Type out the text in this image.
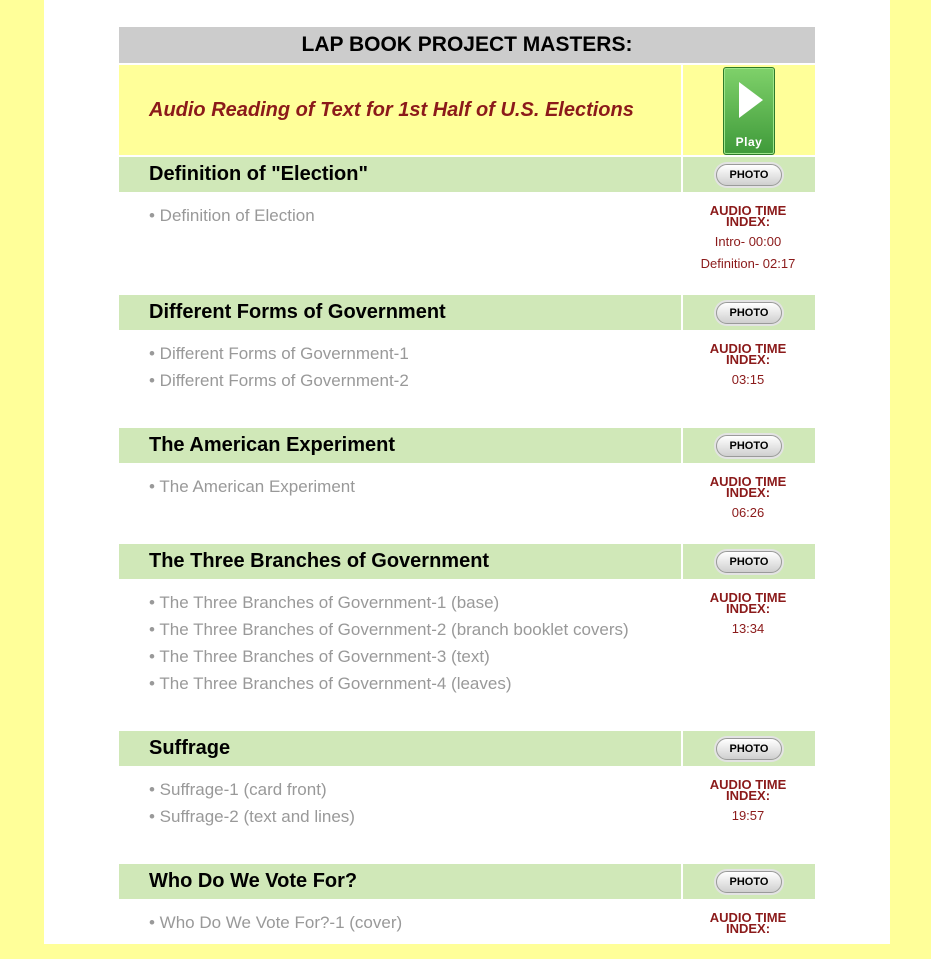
LAP BOOK PROJECT MASTERS:
Audio Reading of Text for 1st Half of U.S. Elections
Play
Definition of "Election"	PHOTO
• Definition of Election	AUDIO TIME INDEX:
Intro- 00:00
Definition- 02:17
Different Forms of Government	PHOTO
• Different Forms of Government-1
• Different Forms of Government-2
AUDIO TIME INDEX:
03:15
The American Experiment	PHOTO
• The American Experiment	AUDIO TIME INDEX:
06:26
The Three Branches of Government	PHOTO
• The Three Branches of Government-1 (base)
• The Three Branches of Government-2 (branch booklet covers)
• The Three Branches of Government-3 (text)
• The Three Branches of Government-4 (leaves)
AUDIO TIME INDEX:
13:34
Suffrage	PHOTO
• Suffrage-1 (card front)
• Suffrage-2 (text and lines)
AUDIO TIME INDEX:
19:57
Who Do We Vote For?	PHOTO
• Who Do We Vote For?-1 (cover)	AUDIO TIME INDEX:
